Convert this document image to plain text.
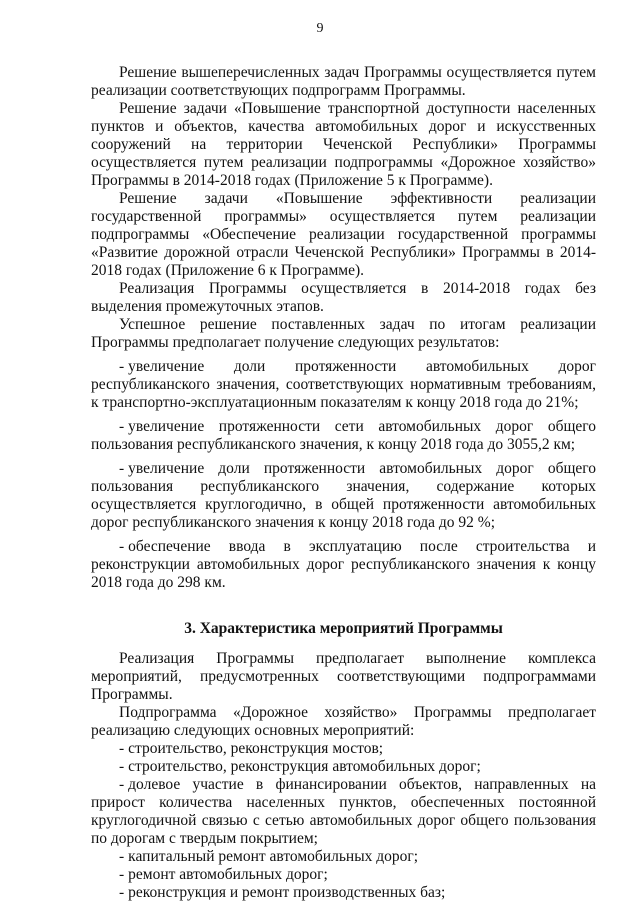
9

Решение вышеперечисленных задач Программы осуществляется путем реализации соответствующих подпрограмм Программы.

Решение задачи «Повышение транспортной доступности населенных пунктов и объектов, качества автомобильных дорог и искусственных сооружений на территории Чеченской Республики» Программы осуществляется путем реализации подпрограммы «Дорожное хозяйство» Программы в 2014-2018 годах (Приложение 5 к Программе).

Решение задачи «Повышение эффективности реализации государственной программы» осуществляется путем реализации подпрограммы «Обеспечение реализации государственной программы «Развитие дорожной отрасли Чеченской Республики» Программы в 2014-2018 годах (Приложение 6 к Программе).

Реализация Программы осуществляется в 2014-2018 годах без выделения промежуточных этапов.

Успешное решение поставленных задач по итогам реализации Программы предполагает получение следующих результатов:

- увеличение доли протяженности автомобильных дорог республиканского значения, соответствующих нормативным требованиям, к транспортно-эксплуатационным показателям к концу 2018 года до 21%;

- увеличение протяженности сети автомобильных дорог общего пользования республиканского значения, к концу 2018 года до 3055,2 км;

- увеличение доли протяженности автомобильных дорог общего пользования республиканского значения, содержание которых осуществляется круглогодично, в общей протяженности автомобильных дорог республиканского значения к концу 2018 года до 92 %;

- обеспечение ввода в эксплуатацию после строительства и реконструкции автомобильных дорог республиканского значения к концу 2018 года до 298 км.

3. Характеристика мероприятий Программы

Реализация Программы предполагает выполнение комплекса мероприятий, предусмотренных соответствующими подпрограммами Программы.

Подпрограмма «Дорожное хозяйство» Программы предполагает реализацию следующих основных мероприятий:

- строительство, реконструкция мостов;

- строительство, реконструкция автомобильных дорог;

- долевое участие в финансировании объектов, направленных на прирост количества населенных пунктов, обеспеченных постоянной круглогодичной связью с сетью автомобильных дорог общего пользования по дорогам с твердым покрытием;

- капитальный ремонт автомобильных дорог;

- ремонт автомобильных дорог;

- реконструкция и ремонт производственных баз;
